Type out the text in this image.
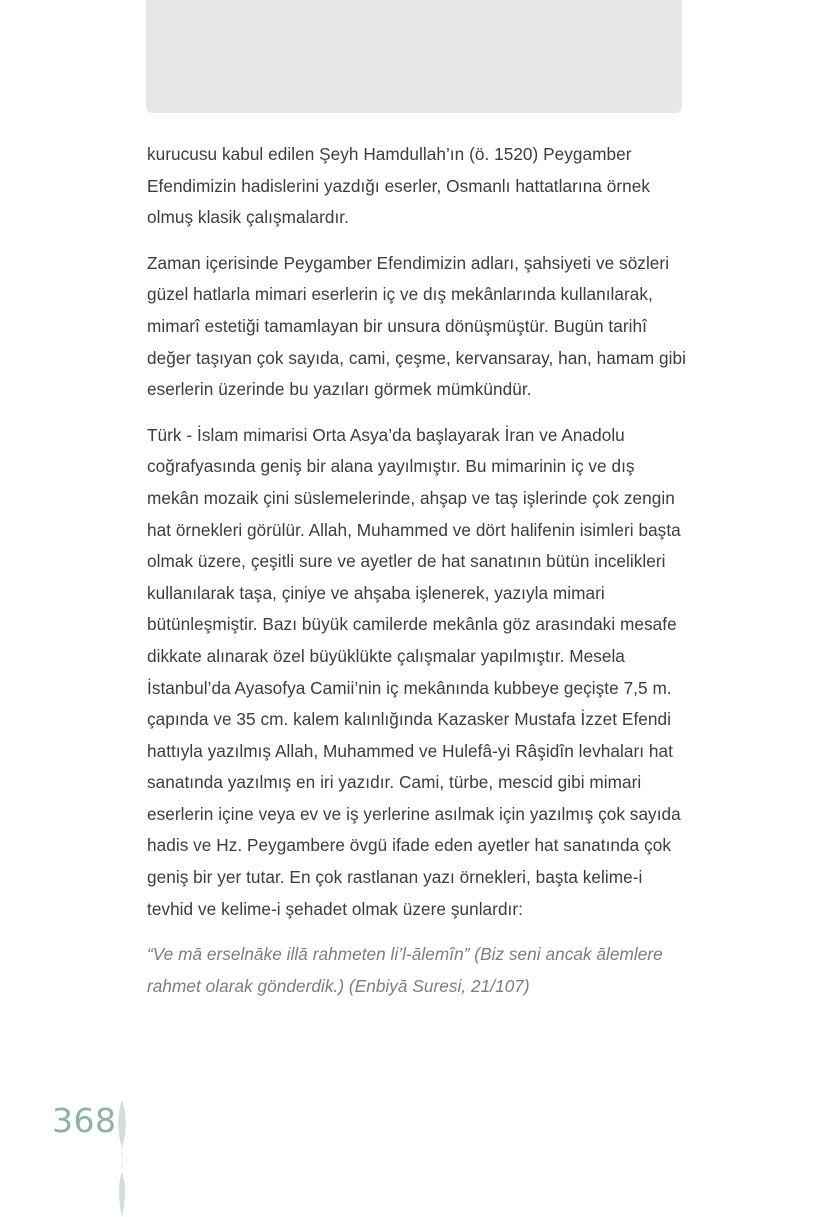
kurucusu kabul edilen Şeyh Hamdullah’ın (ö. 1520) Peygamber Efendimizin hadislerini yazdığı eserler, Osmanlı hattatlarına örnek olmuş klasik çalışmalardır.

Zaman içerisinde Peygamber Efendimizin adları, şahsiyeti ve sözleri güzel hatlarla mimari eserlerin iç ve dış mekânlarında kullanılarak, mimarî estetiği tamamlayan bir unsura dönüşmüştür. Bugün tarihî değer taşıyan çok sayıda, cami, çeşme, kervansaray, han, hamam gibi eserlerin üzerinde bu yazıları görmek mümkündür.

Türk - İslam mimarisi Orta Asya’da başlayarak İran ve Anadolu coğrafyasında geniş bir alana yayılmıştır. Bu mimarinin iç ve dış mekân mozaik çini süslemelerinde, ahşap ve taş işlerinde çok zengin hat örnekleri görülür. Allah, Muhammed ve dört halifenin isimleri başta olmak üzere, çeşitli sure ve ayetler de hat sanatının bütün incelikleri kullanılarak taşa, çiniye ve ahşaba işlenerek, yazıyla mimari bütünleşmiştir. Bazı büyük camilerde mekânla göz arasındaki mesafe dikkate alınarak özel büyüklükte çalışmalar yapılmıştır. Mesela İstanbul’da Ayasofya Camii’nin iç mekânında kubbeye geçişte 7,5 m. çapında ve 35 cm. kalem kalınlığında Kazasker Mustafa İzzet Efendi hattıyla yazılmış Allah, Muhammed ve Hulefâ-yi Râşidîn levhaları hat sanatında yazılmış en iri yazıdır. Cami, türbe, mescid gibi mimari eserlerin içine veya ev ve iş yerlerine asılmak için yazılmış çok sayıda hadis ve Hz. Peygambere övgü ifade eden ayetler hat sanatında çok geniş bir yer tutar. En çok rastlanan yazı örnekleri, başta kelime-i tevhid ve kelime-i şehadet olmak üzere şunlardır:

“Ve mā erselnāke illā rahmeten li’l-ālemîn” (Biz seni ancak ālemlere rahmet olarak gönderdik.) (Enbiyā Suresi, 21/107)

368
